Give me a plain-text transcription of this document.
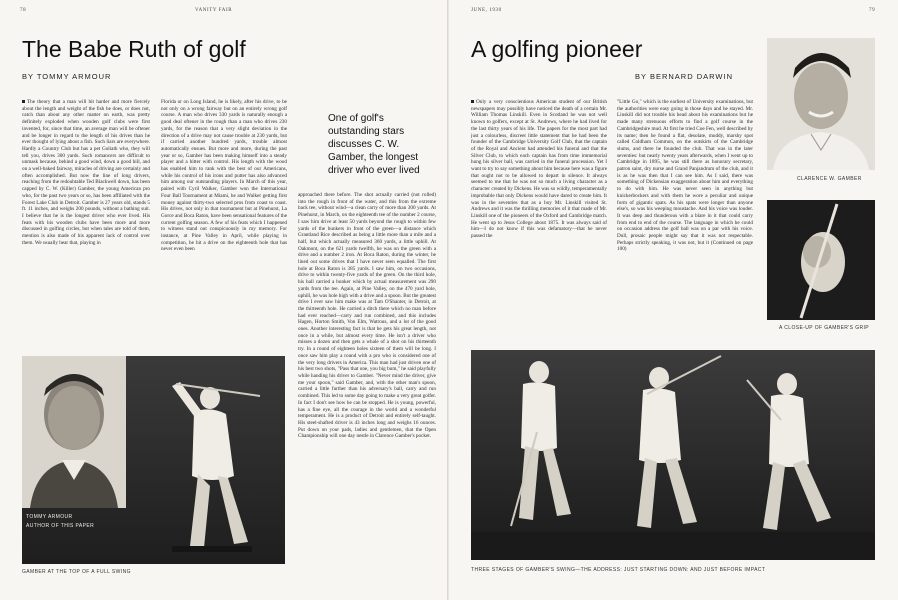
78	VANITY FAIR
The Babe Ruth of golf
BY TOMMY ARMOUR

The theory that a man will hit harder and more fiercely about the length and weight of the fish he does, or does not, catch than about any other matter on earth, was pretty definitely exploded when wooden golf clubs were first invented, for, since that time, an average man will be oftener and be longer in regard to the length of his drives than he ever thought of lying about a fish. Such liars are everywhere. Hardly a Country Club but has a pet Goliath who, they will tell you, drives 300 yards. Such romancers are difficult to unmask because, behind a good wind, down a good hill, and on a well-baked fairway, miracles of driving are certainly and often accomplished. But now the line of long drivers, reaching from the redoubtable Ted Blackwell down, has been capped by C. W. (Killer) Gamber, the young American pro who, for the past two years or so, has been affiliated with the Forest Lake Club in Detroit. Gamber is 27 years old, stands 5 ft. 11 inches, and weighs 200 pounds, without a bathing suit. I believe that he is the longest driver who ever lived. His feats with his wooden clubs have been more and more discussed in golfing circles, but when tales are told of them, mention is also made of his apparent lack of control over them. We usually hear that, playing in

Florida or on Long Island, he is likely, after his drive, to be not only on a wrong fairway but on an entirely wrong golf course. A man who drives 330 yards is naturally enough a good deal oftener in the rough than a man who drives 230 yards, for the reason that a very slight deviation in the direction of a drive may not cause trouble at 230 yards, but if carried another hundred yards, trouble almost automatically ensues. But more and more, during the past year or so, Gamber has been making himself into a steady player and a hitter with control. His length with the wood has enabled him to rank with the best of our Americans, while his control of his irons and putter has also advanced him among our outstanding players. In March of this year, paired with Cyril Walker, Gamber won the International Four Ball Tournament at Miami, he and Walker getting first money against thirty-two selected pros from coast to coast. His drives, not only in that tournament but at Pinehurst, La Gorce and Boca Raton, have been sensational features of the current golfing season. A few of his feats which I happened to witness stand out conspicuously in my memory. For instance, at Pine Valley in April, while playing in competition, he hit a drive on the eighteenth hole that has never even been

One of golf's outstanding stars discusses C. W. Gamber, the longest driver who ever lived

approached there before. The shot actually carried (not rolled) into the rough in front of the water, and this from the extreme back tee, without wind—a clean carry of more than 300 yards. At Pinehurst, in March, on the eighteenth tee of the number 2 course, I saw him drive at least 50 yards beyond the rough to within few yards of the bunkers in front of the green—a distance which Grantland Rice described as being a little more than a mile and a half, but which actually measured 360 yards, a little uphill. At Oakmont, on the 621 yards twelfth, he was on the green with a drive and a number 2 iron. At Boca Raton, during the winter, he lined out some drives that I have never seen equalled. The first hole at Boca Raton is 385 yards. I saw him, on two occasions, drive to within twenty-five yards of the green. On the third hole, his ball carried a bunker which by actual measurement was 290 yards from the tee. Again, at Pine Valley, on the 470 yard hole, uphill, he was hole high with a drive and a spoon. But the greatest drive I ever saw him make was at Tam O'Shanter, in Detroit, at the thirteenth hole. He carried a ditch there which no man before had ever reached—carry and run combined, and this includes Hagen, Horton Smith, Von Elm, Watrous, and a lot of the good ones. Another interesting fact is that he gets his great length, not once in a while, but almost every time. He isn't a driver who misses a dozen and then gets a whale of a shot on his thirteenth try. In a round of eighteen holes sixteen of them will be long. I once saw him play a round with a pro who is considered one of the very long drivers in America. This man had just driven one of his best two shots, "Pass that one, you big bum," he said playfully while handing his driver to Gamber. "Never mind the driver, give me your spoon," said Gamber, and, with the other man's spoon, carried a little further than his adversary's ball, carry and run combined. This led to some day going to make a very great golfer. In fact I don't see how he can be stopped. He is young, powerful, has a fine eye, all the courage in the world and a wonderful temperament. He is a product of Detroit and entirely self-taught. His steel-shafted driver is 43 inches long and weighs 16 ounces. Put down on your pads, ladies and gentlemen, that the Open Championship will one day nestle in Clarence Gamber's pocket.

TOMMY ARMOUR
AUTHOR OF THIS PAPER
GAMBER AT THE TOP OF A FULL SWING
JUNE, 1930	79
A golfing pioneer
BY BERNARD DARWIN

Only a very conscientious American student of our British newspapers may possibly have noticed the death of a certain Mr. William Thomas Linskill. Even in Scotland he was not well known to golfers, except at St. Andrews, where he had lived for the last thirty years of his life. The papers for the most part had just a colourless, discreet little statement that he had been the founder of the Cambridge University Golf Club, that the captain of the Royal and Ancient had attended his funeral and that the Silver Club, to which each captain has from time immemorial hung his silver ball, was carried in the funeral procession. Yet I want to try to say something about him because here was a figure that ought not to be allowed to depart in silence. It always seemed to me that he was not so much a living character as a character created by Dickens. He was so wildly, temperamentally improbable that only Dickens would have dared to create him. It was in the seventies that as a boy Mr. Linskill visited St. Andrews and it was the thrilling memories of it that made of Mr. Linskill one of the pioneers of the Oxford and Cambridge match. He went up to Jesus College about 1875. It was always said of him—I do not know if this was defamatory—that he never passed the

"Little Go," which is the earliest of University examinations, but the authorities were easy going in those days and he stayed. Mr. Linskill did not trouble his head about his examinations but he made many strenuous efforts to find a golf course in the Cambridgeshire mud. At first he tried Coe Fen, well described by its name; then he found a flat, desolate, muddy, marshy spot called Coldham Common, on the outskirts of the Cambridge slums, and there he founded the club. That was in the later seventies: but nearly twenty years afterwards, when I went up to Cambridge in 1895, he was still there as honorary secretary, patron saint, dry nurse and Grand Panjandrum of the club, and it is as he was then that I can see him. As I said, there was something of Dickensian exaggeration about him and everything to do with him. He was never seen in anything but knickerbockers and with them he wore a peculiar and unique form of gigantic spats. As his spats were longer than anyone else's, so was his weeping moustache. And his voice was louder. It was deep and thunderous with a blare in it that could carry from end to end of the course. The language in which he could on occasion address the golf ball was on a par with his voice. Dull, prosaic people might say that it was not respectable. Perhaps strictly speaking, it was not, but it (Continued on page 100)

CLARENCE W. GAMBER
A CLOSE-UP OF GAMBER'S GRIP
THREE STAGES OF GAMBER'S SWING—THE ADDRESS: JUST STARTING DOWN: AND JUST BEFORE IMPACT
